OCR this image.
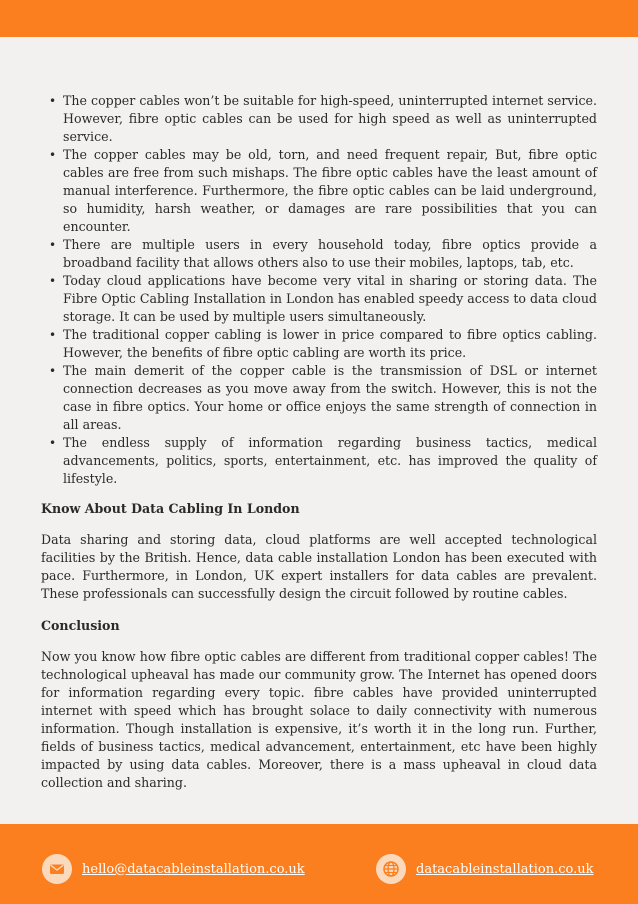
• The copper cables won’t be suitable for high-speed, uninterrupted internet service. However, fibre optic cables can be used for high speed as well as uninterrupted service.
• The copper cables may be old, torn, and need frequent repair, But, fibre optic cables are free from such mishaps. The fibre optic cables have the least amount of manual interference. Furthermore, the fibre optic cables can be laid underground, so humidity, harsh weather, or damages are rare possibilities that you can encounter.
• There are multiple users in every household today, fibre optics provide a broadband facility that allows others also to use their mobiles, laptops, tab, etc.
• Today cloud applications have become very vital in sharing or storing data. The Fibre Optic Cabling Installation in London has enabled speedy access to data cloud storage. It can be used by multiple users simultaneously.
• The traditional copper cabling is lower in price compared to fibre optics cabling. However, the benefits of fibre optic cabling are worth its price.
• The main demerit of the copper cable is the transmission of DSL or internet connection decreases as you move away from the switch. However, this is not the case in fibre optics. Your home or office enjoys the same strength of connection in all areas.
• The endless supply of information regarding business tactics, medical advancements, politics, sports, entertainment, etc. has improved the quality of lifestyle.
Know About Data Cabling In London

Data sharing and storing data, cloud platforms are well accepted technological facilities by the British. Hence, data cable installation London has been executed with pace. Furthermore, in London, UK expert installers for data cables are prevalent. These professionals can successfully design the circuit followed by routine cables.

Conclusion

Now you know how fibre optic cables are different from traditional copper cables! The technological upheaval has made our community grow. The Internet has opened doors for information regarding every topic. fibre cables have provided uninterrupted internet with speed which has brought solace to daily connectivity with numerous information. Though installation is expensive, it’s worth it in the long run. Further, fields of business tactics, medical advancement, entertainment, etc have been highly impacted by using data cables. Moreover, there is a mass upheaval in cloud data collection and sharing.

hello@datacableinstallation.co.uk	datacableinstallation.co.uk
